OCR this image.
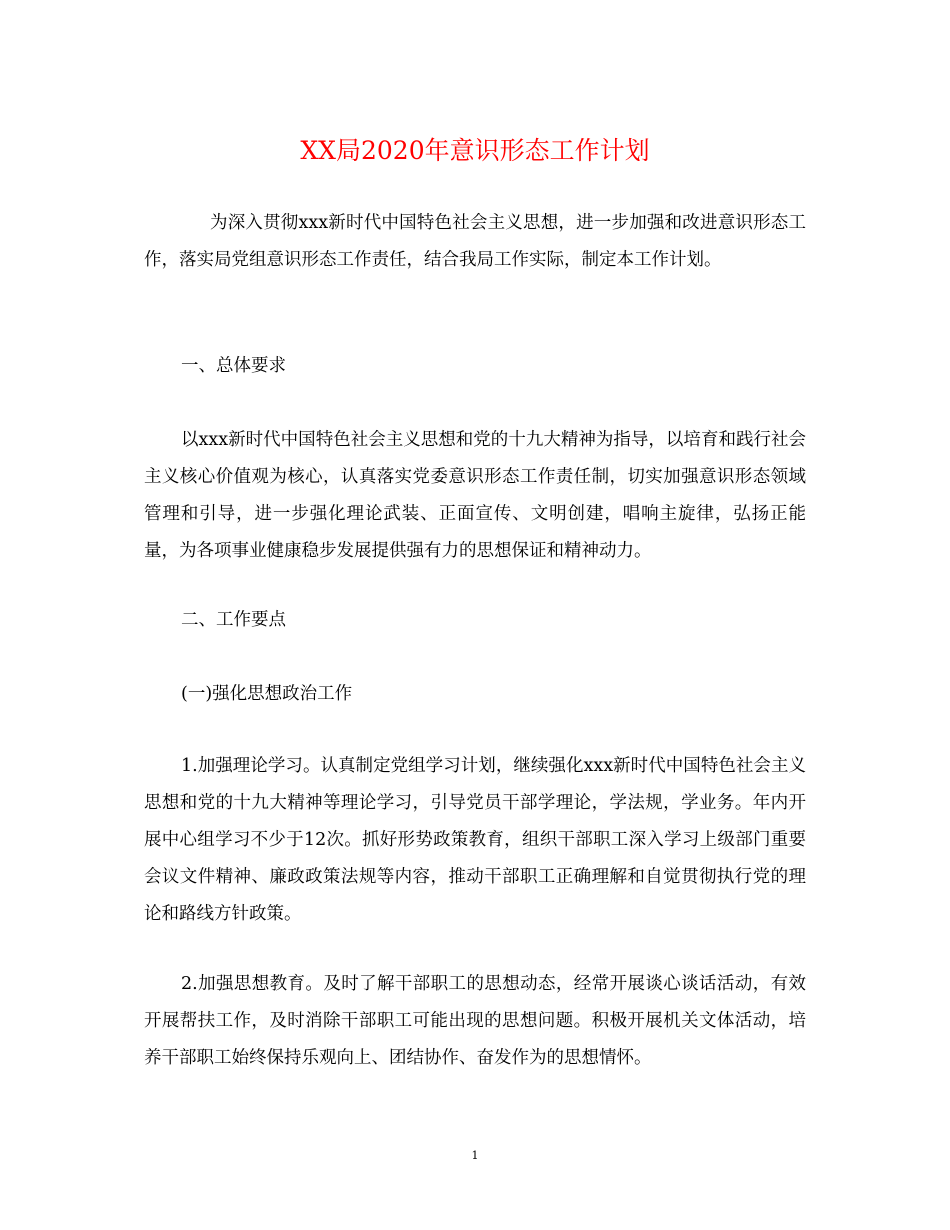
XX局2020年意识形态工作计划
为深入贯彻xxx新时代中国特色社会主义思想，进一步加强和改进意识形态工作，落实局党组意识形态工作责任，结合我局工作实际，制定本工作计划。
一、总体要求
以xxx新时代中国特色社会主义思想和党的十九大精神为指导，以培育和践行社会主义核心价值观为核心，认真落实党委意识形态工作责任制，切实加强意识形态领域管理和引导，进一步强化理论武装、正面宣传、文明创建，唱响主旋律，弘扬正能量，为各项事业健康稳步发展提供强有力的思想保证和精神动力。
二、工作要点
(一)强化思想政治工作
1.加强理论学习。认真制定党组学习计划，继续强化xxx新时代中国特色社会主义思想和党的十九大精神等理论学习，引导党员干部学理论，学法规，学业务。年内开展中心组学习不少于12次。抓好形势政策教育，组织干部职工深入学习上级部门重要会议文件精神、廉政政策法规等内容，推动干部职工正确理解和自觉贯彻执行党的理论和路线方针政策。
2.加强思想教育。及时了解干部职工的思想动态，经常开展谈心谈话活动，有效开展帮扶工作，及时消除干部职工可能出现的思想问题。积极开展机关文体活动，培养干部职工始终保持乐观向上、团结协作、奋发作为的思想情怀。
1
